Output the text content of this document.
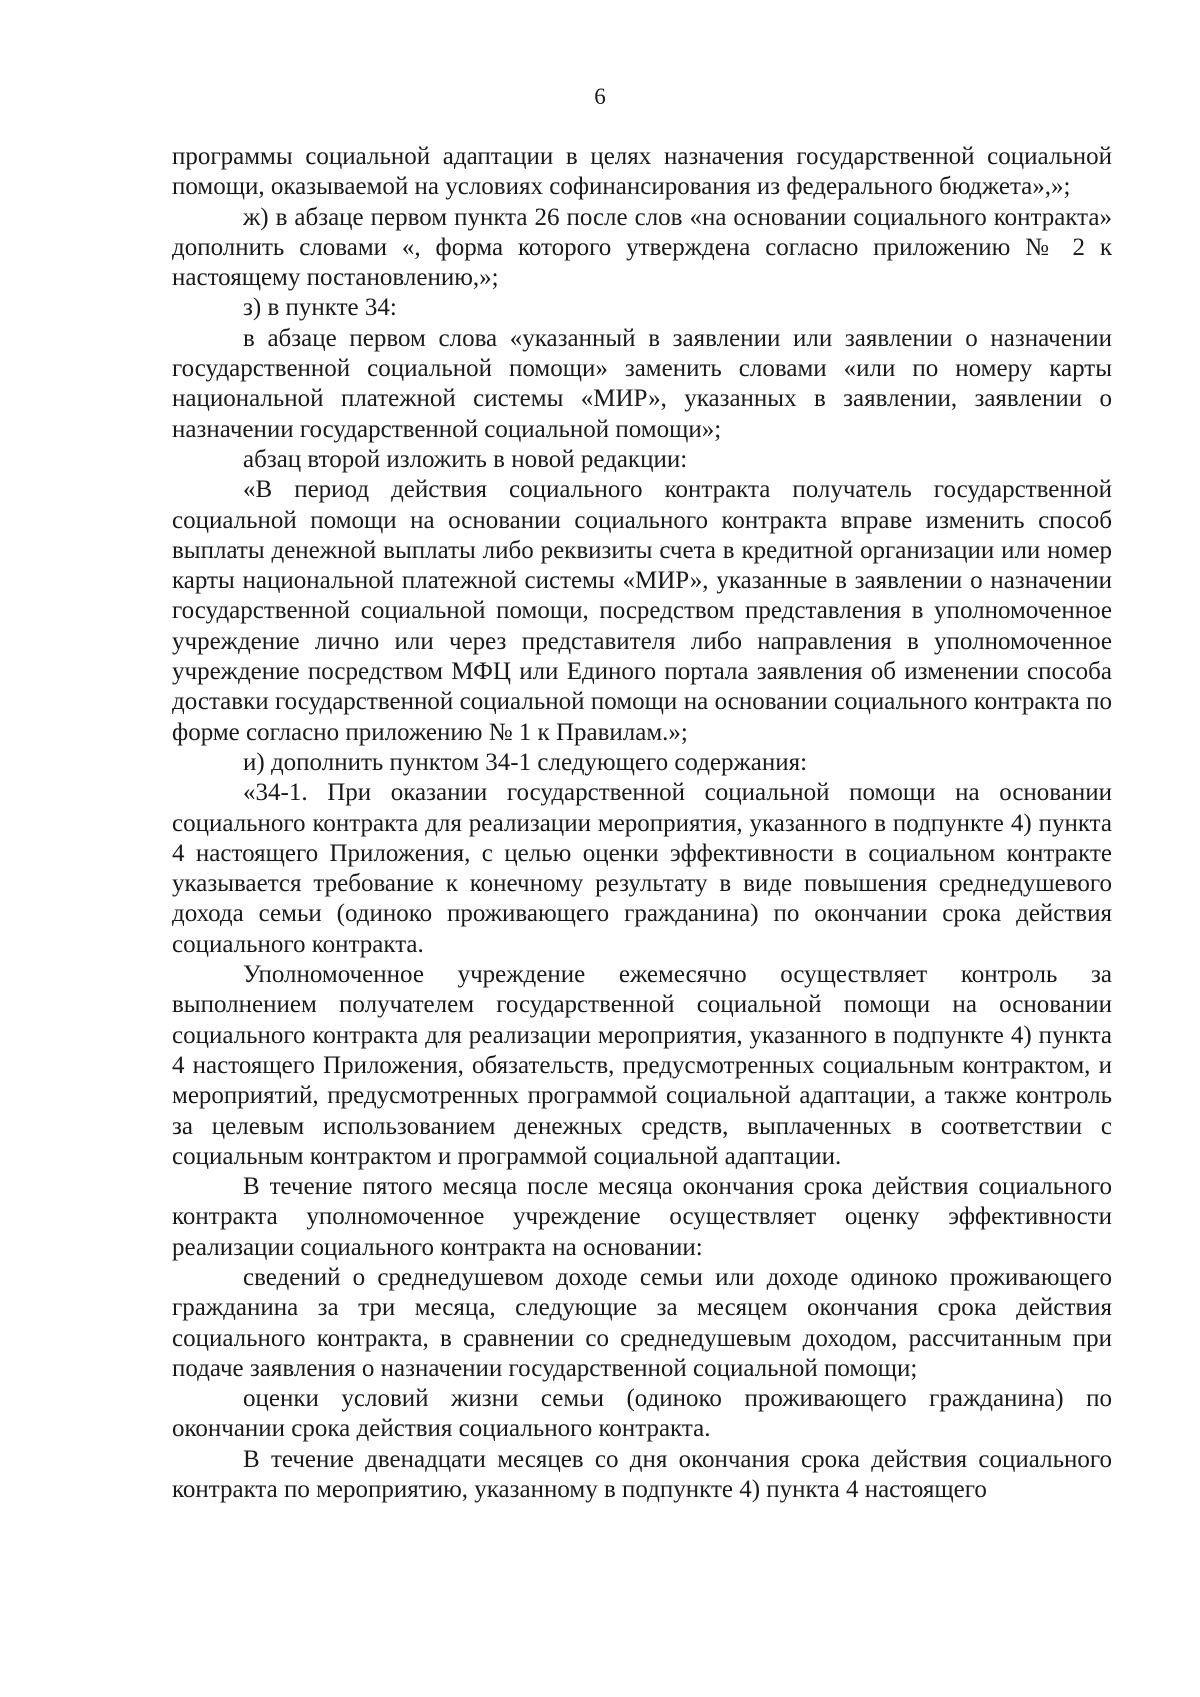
6

программы социальной адаптации в целях назначения государственной социальной помощи, оказываемой на условиях софинансирования из федерального бюджета»,»;

ж) в абзаце первом пункта 26 после слов «на основании социального контракта» дополнить словами «, форма которого утверждена согласно приложению № 2 к настоящему постановлению,»;

з) в пункте 34:

в абзаце первом слова «указанный в заявлении или заявлении о назначении государственной социальной помощи» заменить словами «или по номеру карты национальной платежной системы «МИР», указанных в заявлении, заявлении о назначении государственной социальной помощи»;

абзац второй изложить в новой редакции:

«В период действия социального контракта получатель государственной социальной помощи на основании социального контракта вправе изменить способ выплаты денежной выплаты либо реквизиты счета в кредитной организации или номер карты национальной платежной системы «МИР», указанные в заявлении о назначении государственной социальной помощи, посредством представления в уполномоченное учреждение лично или через представителя либо направления в уполномоченное учреждение посредством МФЦ или Единого портала заявления об изменении способа доставки государственной социальной помощи на основании социального контракта по форме согласно приложению № 1 к Правилам.»;

и) дополнить пунктом 34-1 следующего содержания:

«34-1. При оказании государственной социальной помощи на основании социального контракта для реализации мероприятия, указанного в подпункте 4) пункта 4 настоящего Приложения, с целью оценки эффективности в социальном контракте указывается требование к конечному результату в виде повышения среднедушевого дохода семьи (одиноко проживающего гражданина) по окончании срока действия социального контракта.

Уполномоченное учреждение ежемесячно осуществляет контроль за выполнением получателем государственной социальной помощи на основании социального контракта для реализации мероприятия, указанного в подпункте 4) пункта 4 настоящего Приложения, обязательств, предусмотренных социальным контрактом, и мероприятий, предусмотренных программой социальной адаптации, а также контроль за целевым использованием денежных средств, выплаченных в соответствии с социальным контрактом и программой социальной адаптации.

В течение пятого месяца после месяца окончания срока действия социального контракта уполномоченное учреждение осуществляет оценку эффективности реализации социального контракта на основании:

сведений о среднедушевом доходе семьи или доходе одиноко проживающего гражданина за три месяца, следующие за месяцем окончания срока действия социального контракта, в сравнении со среднедушевым доходом, рассчитанным при подаче заявления о назначении государственной социальной помощи;

оценки условий жизни семьи (одиноко проживающего гражданина) по окончании срока действия социального контракта.

В течение двенадцати месяцев со дня окончания срока действия социального контракта по мероприятию, указанному в подпункте 4) пункта 4 настоящего
